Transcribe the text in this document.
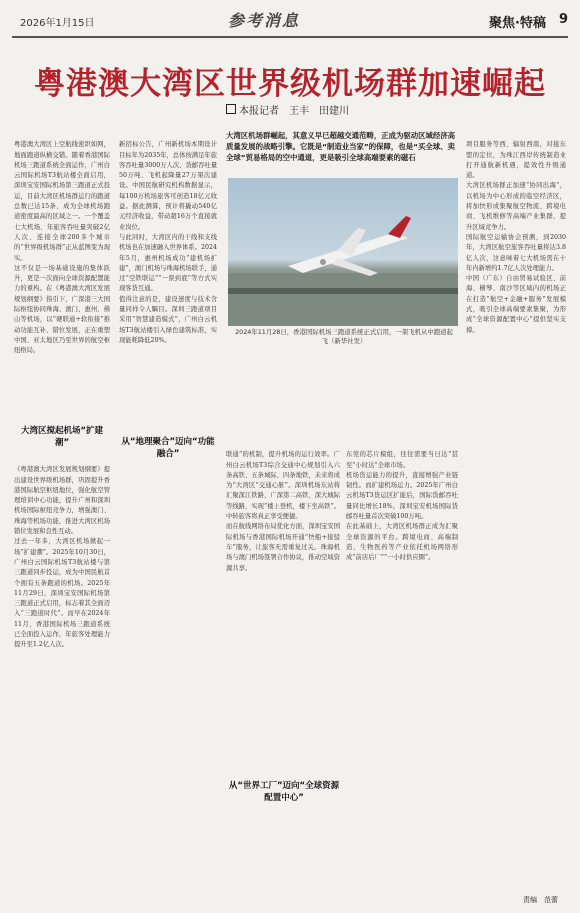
2026年1月15日	参考消息	聚焦·特稿 9
粤港澳大湾区世界级机场群加速崛起
本报记者　王丰　田建川

粤港澳大湾区上空航线密织如网，地面跑道纵横交错。随着香港国际机场三跑道系统全面运作，广州白云国际机场T3航站楼全面启用，深圳宝安国际机场第三跑道正式投运，目前大湾区机场群运行的跑道总数已达15条，成为全球机场跑道密度最高的区域之一。一个覆盖七大机场、年旅客吞吐量突破2亿人次、连接全球200多个城市的“世界级机场群”正从蓝图变为现实。
这不仅是一场基础设施的集体跃升，更是一次面向全球资源配置能力的重构。在《粤港澳大湾区发展规划纲要》指引下，广深港三大国际枢纽协同珠海、澳门、惠州、佛山等机场，以“硬联通+软衔接”推动功能互补、错位发展，正在重塑中国、亚太地区乃至世界的航空枢纽格局。

大湾区搅起机场“扩建潮”

《粤港澳大湾区发展规划纲要》提出建设世界级机场群，巩固提升香港国际航空枢纽地位，强化航空管理培训中心功能，提升广州和深圳机场国际枢纽竞争力，增强澳门、珠海等机场功能，推进大湾区机场错位发展和良性互动。
过去一年多，大湾区机场掀起一场“扩建潮”。2025年10月30日，广州白云国际机场T3航站楼与第三跑道同步投运，成为中国民航首个拥有五条跑道的机场。2025年11月29日，深圳宝安国际机场第三跑道正式启用，标志着其全面迈入“三跑道时代”。而早在2024年11月，香港国际机场三跑道系统已全面投入运作，年旅客处理能力提升至1.2亿人次。

新招标公告，广州新机场本期设计目标年为2035年，总体按满足年旅客吞吐量3000万人次、货邮吞吐量50万吨、飞机起降量27万架次建设。中国民航研究机构数据显示，每100万机场旅客可创造18亿元收益。据此测算，预计将撬动540亿元经济收益，带动超16万个直接就业岗位。
与此同时，大湾区内的干线和支线机场也在加速融入世界体系。2024年5月，惠州机场成功“建机场扩建”，澳门机场与珠海机场联手，通过“空铁联运”“一票到底”等方式实现客货互通。
值得注意的是，建设速度与技术含量同样令人瞩目。深圳三跑道项目采用“智慧建造模式”，广州白云机场T3航站楼引入绿色建筑标准，实现能耗降低20%。

从“地理聚合”迈向“功能融合”
大湾区机场群崛起，其意义早已超越交通范畴，正成为驱动区域经济高质量发展的战略引擎。它既是“制造业当家”的保障，也是“买全球、卖全球”贸易格局的空中通道，更是吸引全球高端要素的磁石
2024年11月28日，香港国际机场三跑道系统正式启用，一架飞机从中跑道起飞（新华社发）

联通”的机制，提升机场的运行效率。广州白云机场T3综合交通中心规划引入六条高铁、五条城际、四条地铁，未来将成为“大湾区“交通心脏”。深圳机场东站将汇聚深江铁路、广深第二高铁、深大城际等线路，实现“楼上登机，楼下坐高铁”。中转旅客将真正享受便捷。
而在航线网络布局优化方面，深圳宝安国际机场与香港国际机场开通“快船+接驳车”服务，让旅客无需重复过关。珠海机场与澳门机场签署合作协议，推动空域资源共享。

从“世界工厂”迈向“全球资源配置中心”

东莞的芯片模组，往往需要当日达“甚至“小时达”全球市场。
机场货运能力的提升，直接增强产业链韧性。而扩建机场运力。2025年广州白云机场T3货运区扩能后，国际货邮吞吐量同比增长18%，深圳宝安机场国际货邮吞吐量首次突破100万吨。
在此基础上，大湾区机场群正成为汇聚全球资源的平台。跨境电商、高端制造、生物医药等产业依托机场网络形成“前店后厂”“一小时供应圈”。

项目服务等西、辐射西南，对接东盟的定位，为珠江西岸传统制造业打开通航新机遇，提效性升级通道。
大湾区机场群正加速“协同出海”，以机场为中心形成的临空经济区，将加快形成集聚航空物流、跨境电商、飞机维修等高端产业集群，提升区域竞争力。
国际航空运输协会预测，到2030年，大湾区航空旅客吞吐量将达3.8亿人次，这意味着七大机场需在十年内新增约1.7亿人次处理能力。
中国（广东）自由贸易试验区、前海、横琴、南沙等区域内的机场正在打造“航空+金融+服务”发展模式，吸引全球高端要素集聚，为形成“全球资源配置中心”提供坚实支撑。

责编　范蕾
